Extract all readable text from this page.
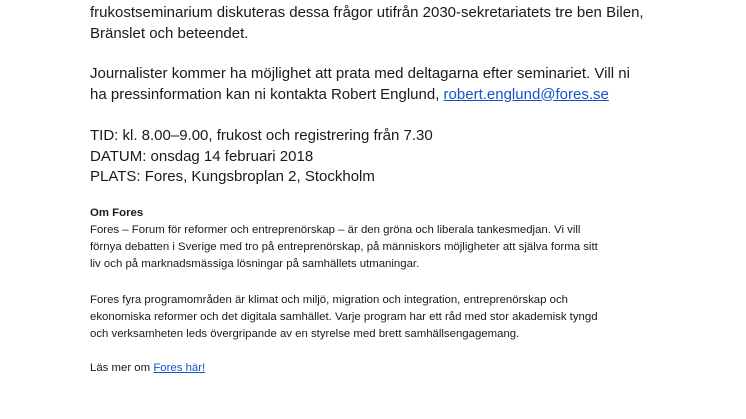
frukostseminarium diskuteras dessa frågor utifrån 2030-sekretariatets tre ben Bilen,

Bränslet och beteendet.

Journalister kommer ha möjlighet att prata med deltagarna efter seminariet. Vill ni

ha pressinformation kan ni kontakta Robert Englund, robert.englund@fores.se

TID: kl. 8.00–9.00, frukost och registrering från 7.30

DATUM: onsdag 14 februari 2018

PLATS: Fores, Kungsbroplan 2, Stockholm

Om Fores

Fores – Forum för reformer och entreprenörskap – är den gröna och liberala tankesmedjan. Vi vill

förnya debatten i Sverige med tro på entreprenörskap, på människors möjligheter att själva forma sitt

liv och på marknadsmässiga lösningar på samhällets utmaningar.

Fores fyra programområden är klimat och miljö, migration och integration, entreprenörskap och

ekonomiska reformer och det digitala samhället. Varje program har ett råd med stor akademisk tyngd

och verksamheten leds övergripande av en styrelse med brett samhällsengagemang.

Läs mer om Fores här!
